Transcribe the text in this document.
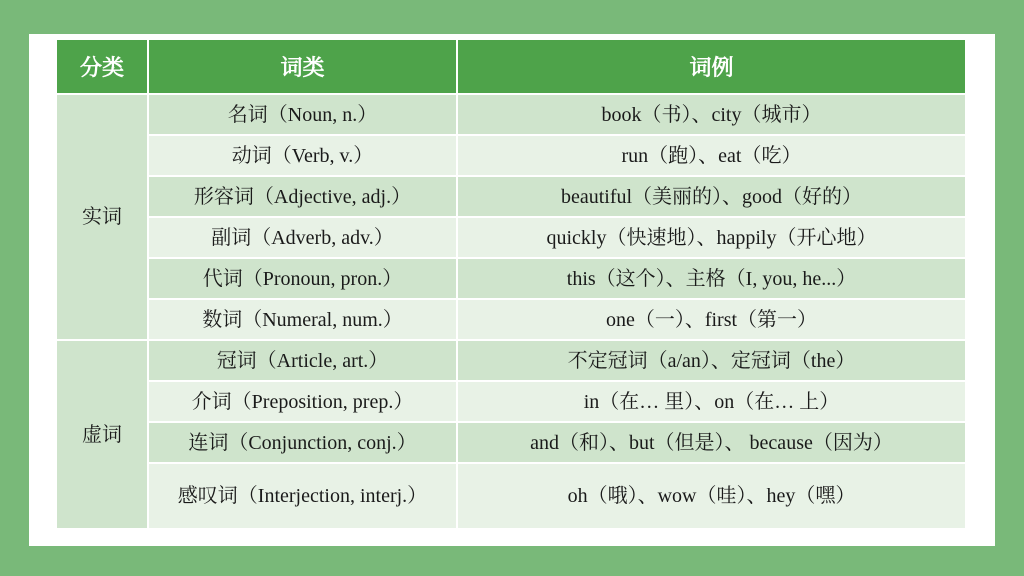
分类	词类	词例
实词	名词（Noun, n.）	book（书）、city（城市）
	动词（Verb, v.）	run（跑）、eat（吃）
	形容词（Adjective, adj.）	beautiful（美丽的）、good（好的）
	副词（Adverb, adv.）	quickly（快速地）、happily（开心地）
	代词（Pronoun, pron.）	this（这个）、主格（I, you, he...）
	数词（Numeral, num.）	one（一）、first（第一）
虚词	冠词（Article, art.）	不定冠词（a/an）、定冠词（the）
	介词（Preposition, prep.）	in（在… 里）、on（在… 上）
	连词（Conjunction, conj.）	and（和）、but（但是）、 because（因为）
	感叹词（Interjection, interj.）	oh（哦）、wow（哇）、hey（嘿）
